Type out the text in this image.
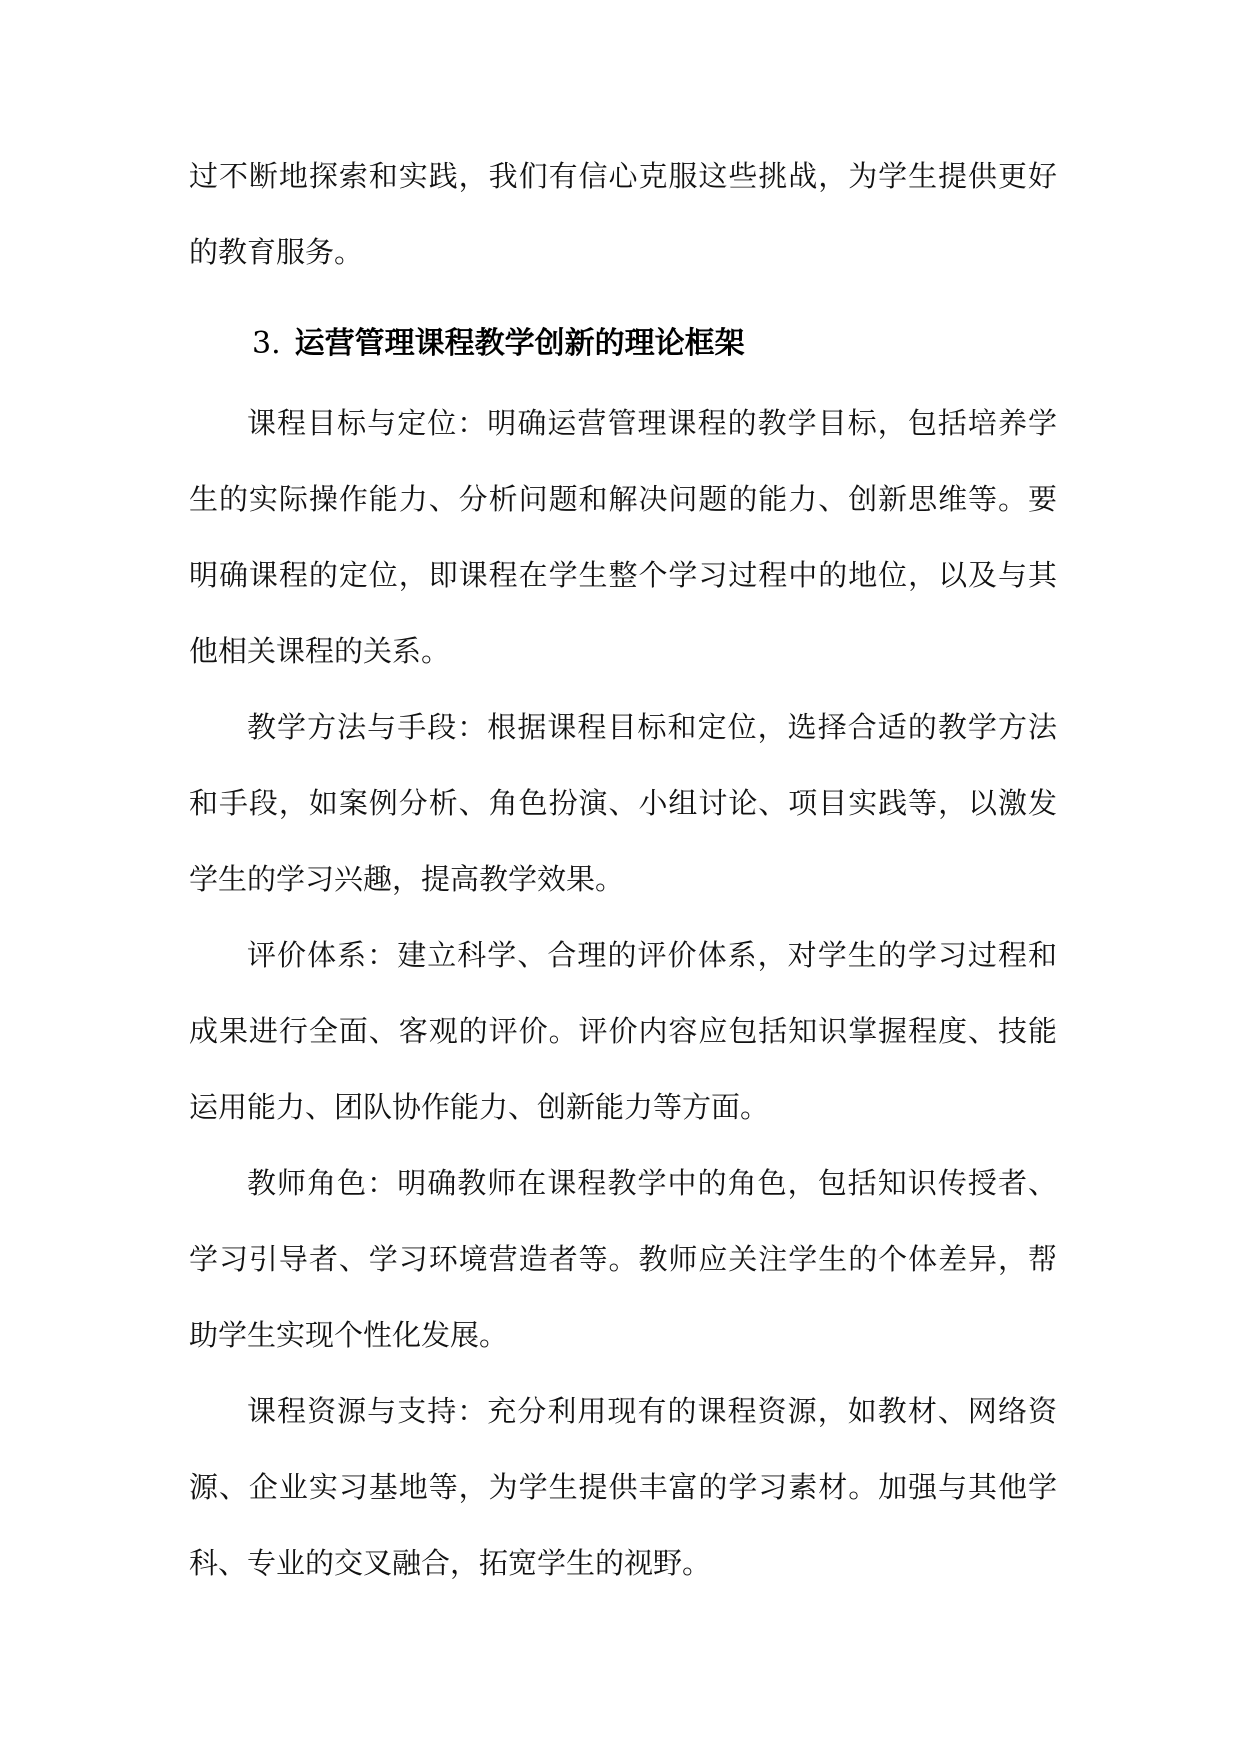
过不断地探索和实践，我们有信心克服这些挑战，为学生提供更好的教育服务。

3. 运营管理课程教学创新的理论框架

课程目标与定位：明确运营管理课程的教学目标，包括培养学生的实际操作能力、分析问题和解决问题的能力、创新思维等。要明确课程的定位，即课程在学生整个学习过程中的地位，以及与其他相关课程的关系。

教学方法与手段：根据课程目标和定位，选择合适的教学方法和手段，如案例分析、角色扮演、小组讨论、项目实践等，以激发学生的学习兴趣，提高教学效果。

评价体系：建立科学、合理的评价体系，对学生的学习过程和成果进行全面、客观的评价。评价内容应包括知识掌握程度、技能运用能力、团队协作能力、创新能力等方面。

教师角色：明确教师在课程教学中的角色，包括知识传授者、学习引导者、学习环境营造者等。教师应关注学生的个体差异，帮助学生实现个性化发展。

课程资源与支持：充分利用现有的课程资源，如教材、网络资源、企业实习基地等，为学生提供丰富的学习素材。加强与其他学科、专业的交叉融合，拓宽学生的视野。
